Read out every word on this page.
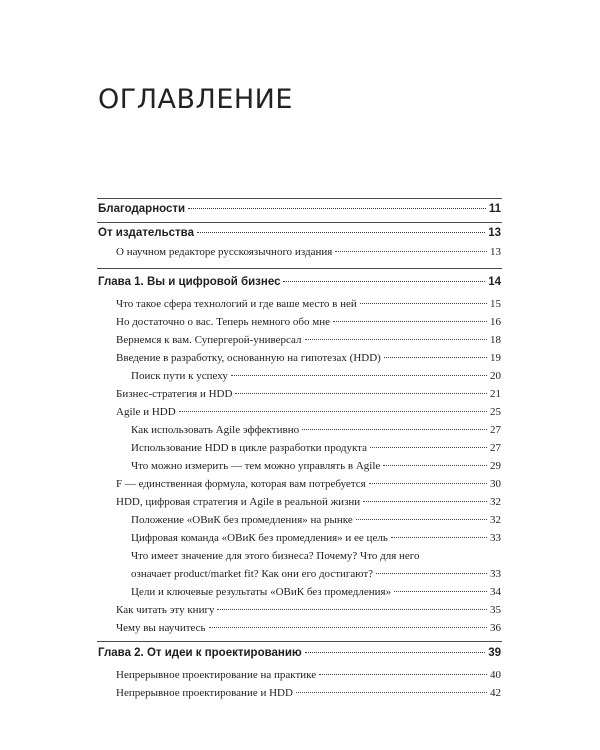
ОГЛАВЛЕНИЕ
Благодарности	11
От издательства	13
О научном редакторе русскоязычного издания	13
Глава 1. Вы и цифровой бизнес	14
Что такое сфера технологий и где ваше место в ней	15
Но достаточно о вас. Теперь немного обо мне	16
Вернемся к вам. Супергерой-универсал	18
Введение в разработку, основанную на гипотезах (HDD)	19
Поиск пути к успеху	20
Бизнес-стратегия и HDD	21
Agile и HDD	25
Как использовать Agile эффективно	27
Использование HDD в цикле разработки продукта	27
Что можно измерить — тем можно управлять в Agile	29
F — единственная формула, которая вам потребуется	30
HDD, цифровая стратегия и Agile в реальной жизни	32
Положение «ОВиК без промедления» на рынке	32
Цифровая команда «ОВиК без промедления» и ее цель	33
Что имеет значение для этого бизнеса? Почему? Что для него
означает product/market fit? Как они его достигают?	33
Цели и ключевые результаты «ОВиК без промедления»	34
Как читать эту книгу	35
Чему вы научитесь	36
Глава 2. От идеи к проектированию	39
Непрерывное проектирование на практике	40
Непрерывное проектирование и HDD	42
